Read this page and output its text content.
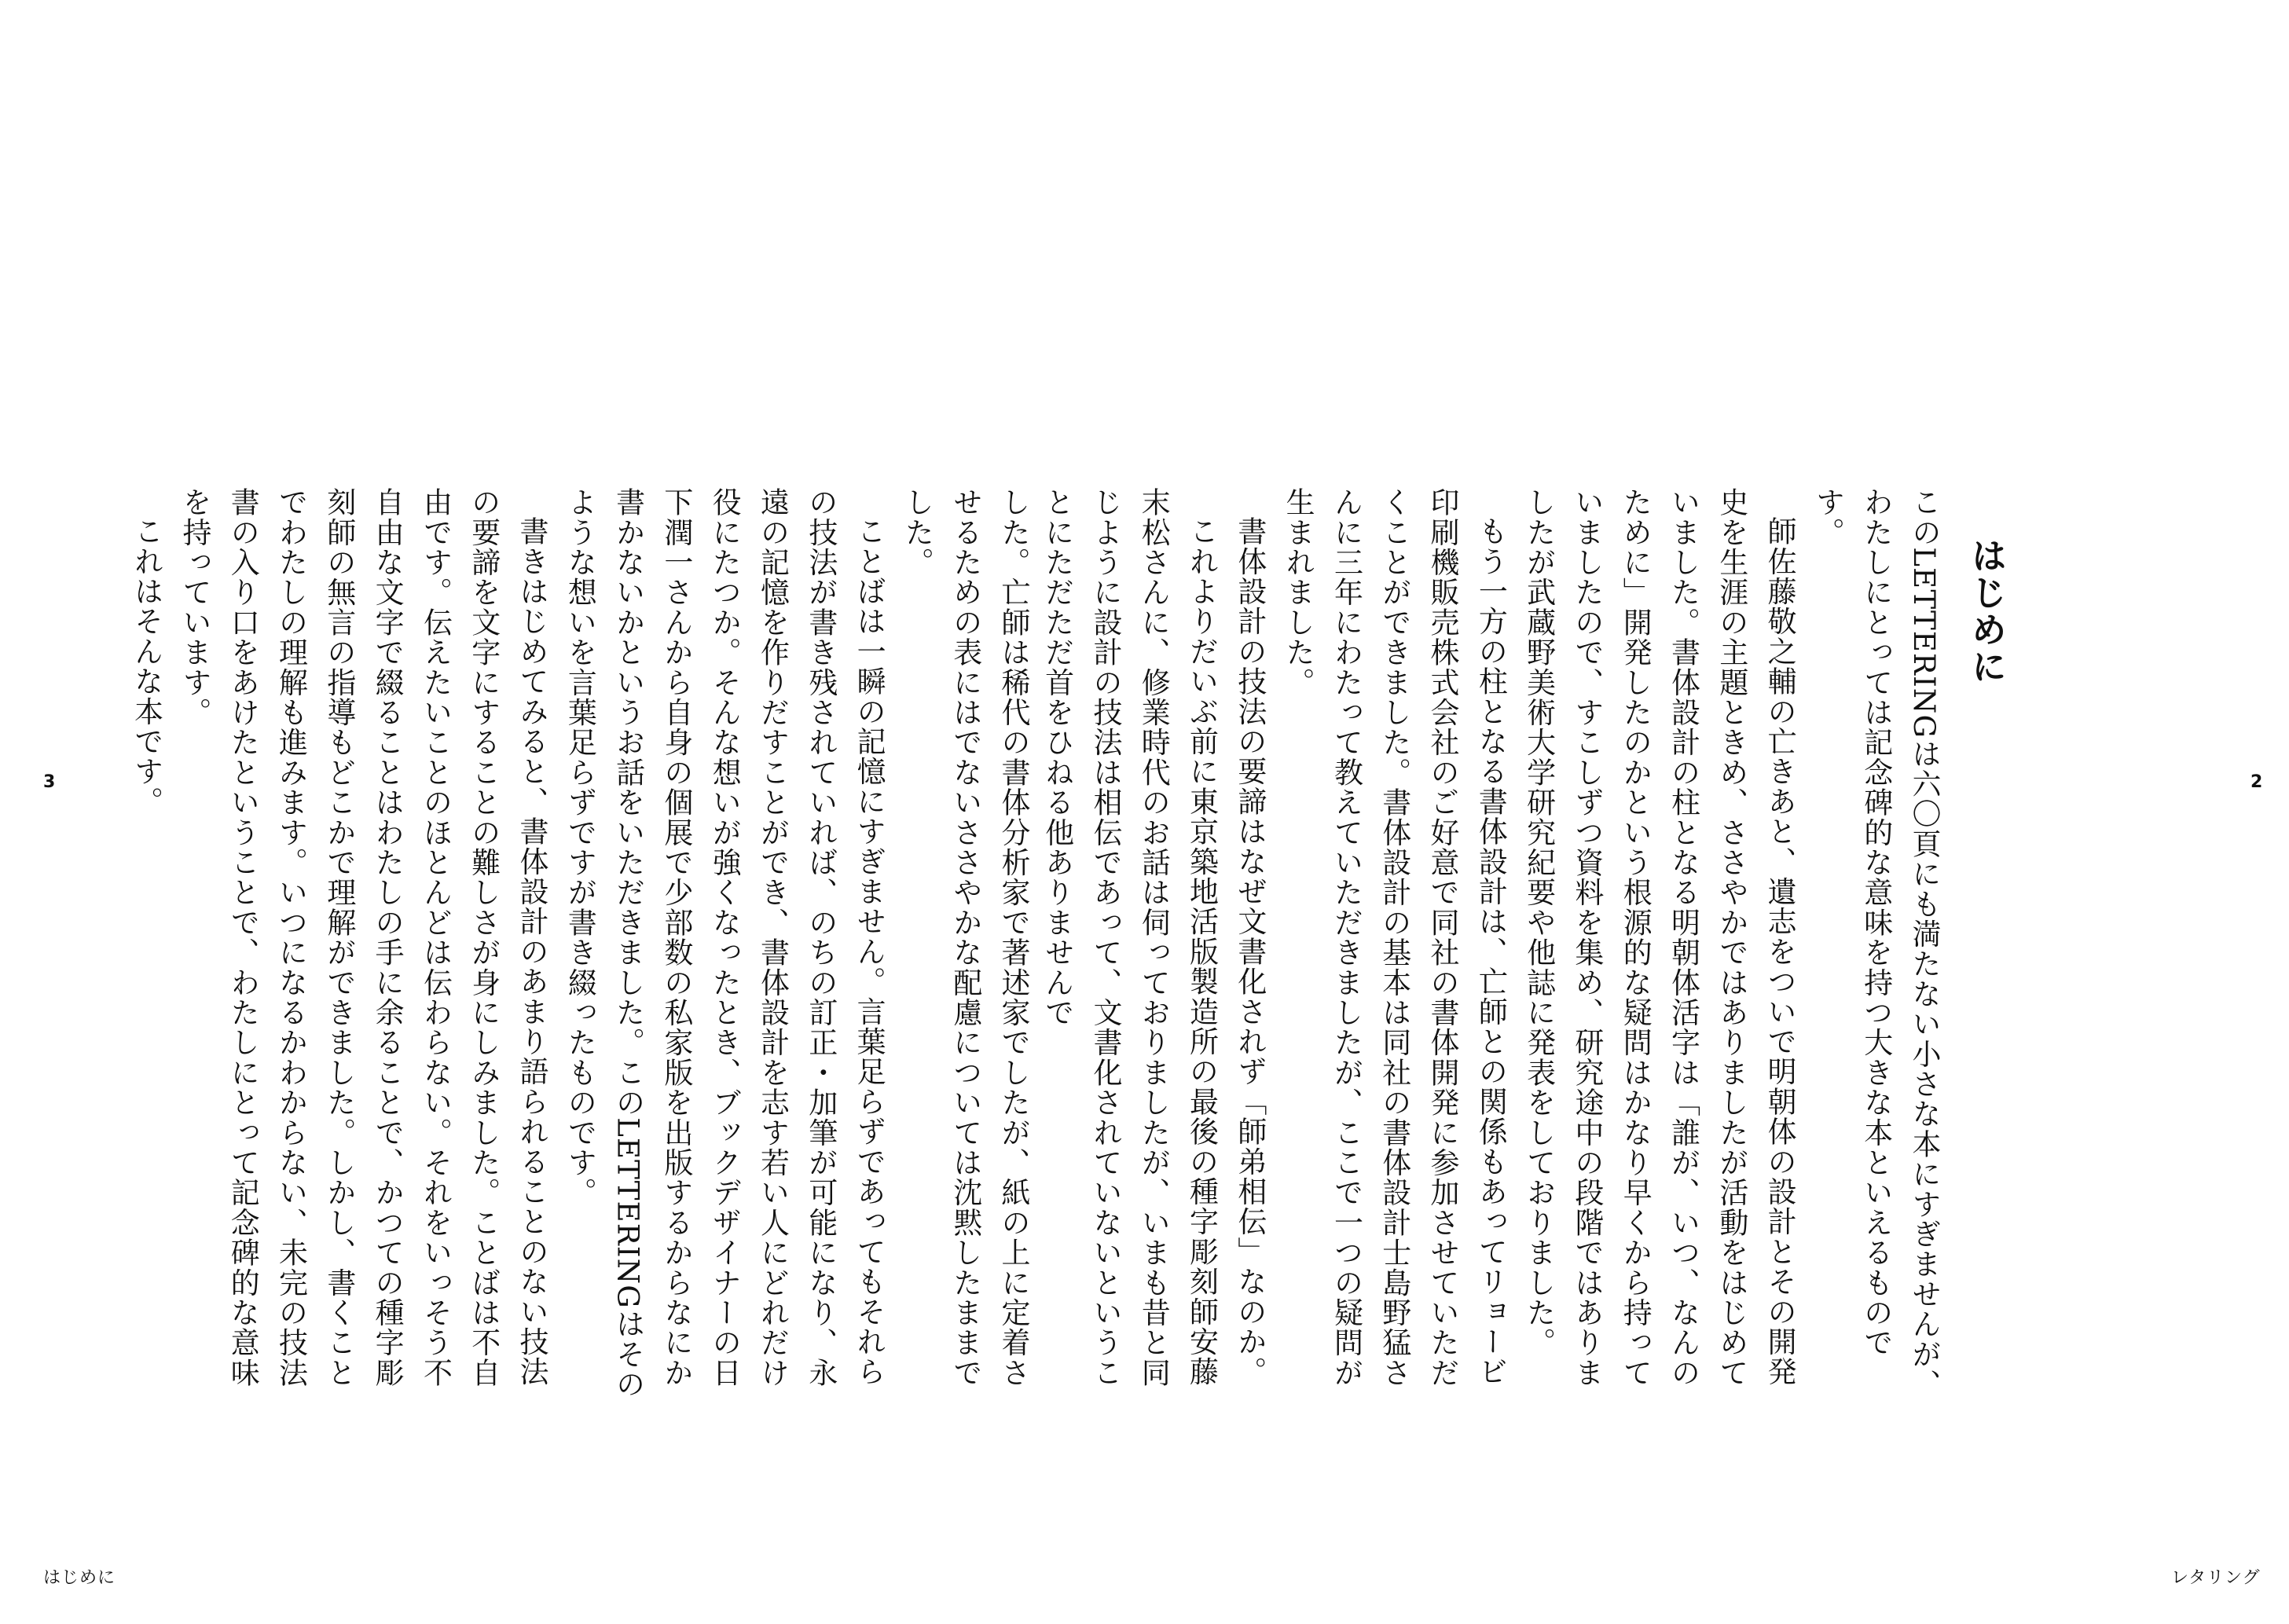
はじめに

このLETTERINGは六〇頁にも満たない小さな本にすぎませんが、わたしにとっては記念碑的な意味を持つ大きな本といえるものです。

師佐藤敬之輔の亡きあと、遺志をついで明朝体の設計とその開発史を生涯の主題ときめ、ささやかではありましたが活動をはじめていました。書体設計の柱となる明朝体活字は「誰が、いつ、なんのために」開発したのかという根源的な疑問はかなり早くから持っていましたので、すこしずつ資料を集め、研究途中の段階ではありましたが武蔵野美術大学研究紀要や他誌に発表をしておりました。

もう一方の柱となる書体設計は、亡師との関係もあってリョービ印刷機販売株式会社のご好意で同社の書体開発に参加させていただくことができました。書体設計の基本は同社の書体設計士島野猛さんに三年にわたって教えていただきましたが、ここで一つの疑問が生まれました。

書体設計の技法の要諦はなぜ文書化されず「師弟相伝」なのか。

これよりだいぶ前に東京築地活版製造所の最後の種字彫刻師安藤末松さんに、修業時代のお話は伺っておりましたが、いまも昔と同じように設計の技法は相伝であって、文書化されていないということにただただ首をひねる他ありませんで	2
レタリング

した。亡師は稀代の書体分析家で著述家でしたが、紙の上に定着させるための表にはでないささやかな配慮については沈黙したままでした。

ことばは一瞬の記憶にすぎません。言葉足らずであってもそれらの技法が書き残されていれば、のちの訂正・加筆が可能になり、永遠の記憶を作りだすことができ、書体設計を志す若い人にどれだけ役にたつか。そんな想いが強くなったとき、ブックデザイナーの日下潤一さんから自身の個展で少部数の私家版を出版するからなにか書かないかというお話をいただきました。このLETTERINGはそのような想いを言葉足らずですが書き綴ったものです。

書きはじめてみると、書体設計のあまり語られることのない技法の要諦を文字にすることの難しさが身にしみました。ことばは不自由です。伝えたいことのほとんどは伝わらない。それをいっそう不自由な文字で綴ることはわたしの手に余ることで、かつての種字彫刻師の無言の指導もどこかで理解ができました。しかし、書くことでわたしの理解も進みます。いつになるかわからない、未完の技法書の入り口をあけたということで、わたしにとって記念碑的な意味を持っています。

これはそんな本です。

3
はじめに
